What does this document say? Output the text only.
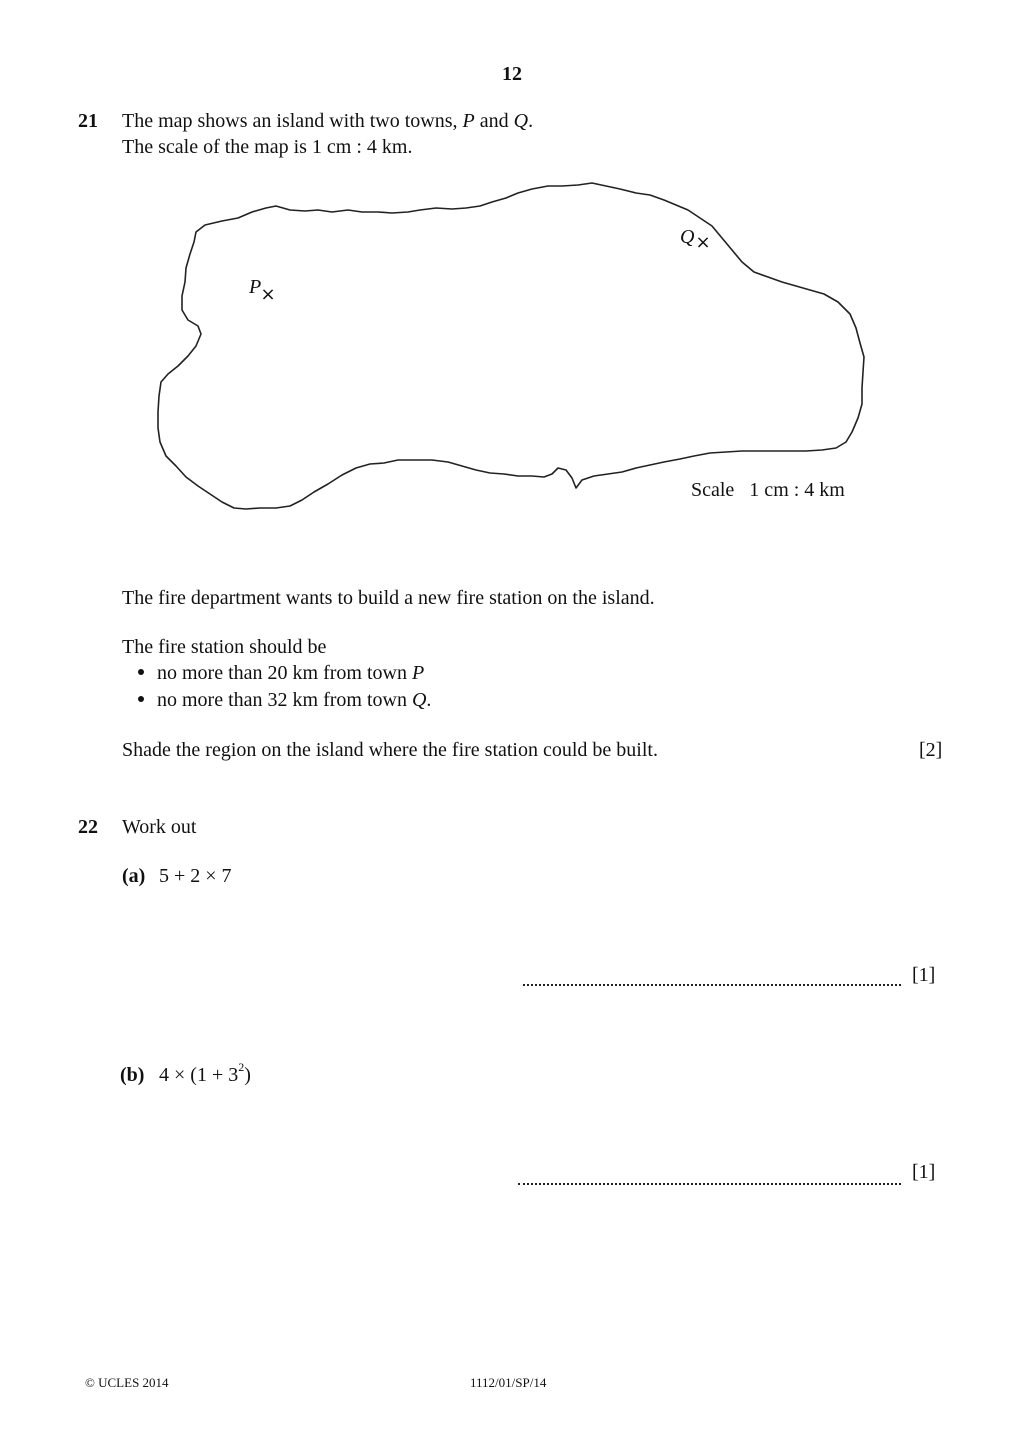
12
21 The map shows an island with two towns, P and Q.
The scale of the map is 1 cm : 4 km.
×
×
P
Q
Scale   1 cm : 4 km
The fire department wants to build a new fire station on the island.
The fire station should be
no more than 20 km from town P
no more than 32 km from town Q.
Shade the region on the island where the fire station could be built.	[2]
22 Work out
(a) 5 + 2 × 7
[1]
(b) $4 \times (1 + 3^2)$
[1]
© UCLES 2014	1112/01/SP/14
